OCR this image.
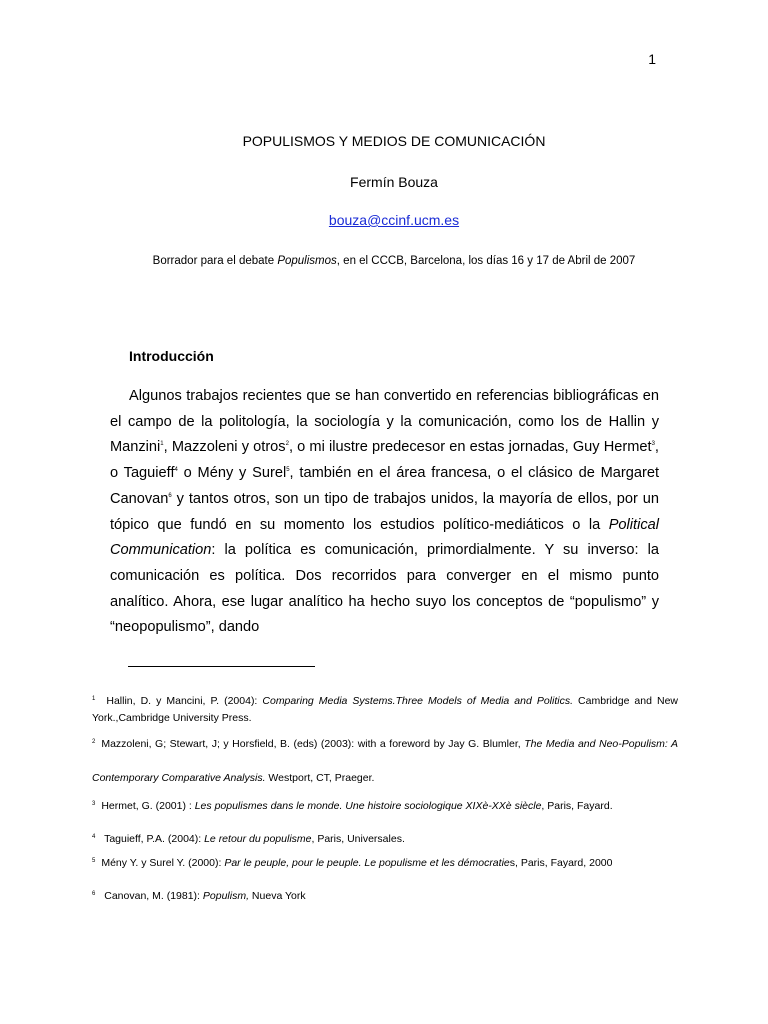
1
POPULISMOS Y MEDIOS DE COMUNICACIÓN
Fermín Bouza
bouza@ccinf.ucm.es
Borrador para el debate Populismos, en el CCCB, Barcelona, los días 16 y 17 de Abril de 2007
Introducción
Algunos trabajos recientes que se han convertido en referencias bibliográficas en el campo de la politología, la sociología y la comunicación, como los de Hallin y Manzini$^1$, Mazzoleni y otros$^2$, o mi ilustre predecesor en estas jornadas, Guy Hermet$^3$, o Taguieff$^4$ o Mény y Surel$^5$, también en el área francesa, o el clásico de Margaret Canovan$^6$ y tantos otros, son un tipo de trabajos unidos, la mayoría de ellos, por un tópico que fundó en su momento los estudios político-mediáticos o la Political Communication: la política es comunicación, primordialmente. Y su inverso: la comunicación es política. Dos recorridos para converger en el mismo punto analítico. Ahora, ese lugar analítico ha hecho suyo los conceptos de “populismo” y “neopopulismo”, dando
$^1$ Hallin, D. y Mancini, P. (2004): Comparing Media Systems.Three Models of Media and Politics. Cambridge and New York.,Cambridge University Press.
$^2$ Mazzoleni, G; Stewart, J; y Horsfield, B. (eds) (2003): with a foreword by Jay G. Blumler, The Media and Neo-Populism: A Contemporary Comparative Analysis. Westport, CT, Praeger.
$^3$ Hermet, G. (2001) : Les populismes dans le monde. Une histoire sociologique XIXè-XXè siècle, Paris, Fayard.
$^4$ Taguieff, P.A. (2004): Le retour du populisme, Paris, Universales.
$^5$ Mény Y. y Surel Y. (2000): Par le peuple, pour le peuple. Le populisme et les démocraties, Paris, Fayard, 2000
$^6$ Canovan, M. (1981): Populism, Nueva York
